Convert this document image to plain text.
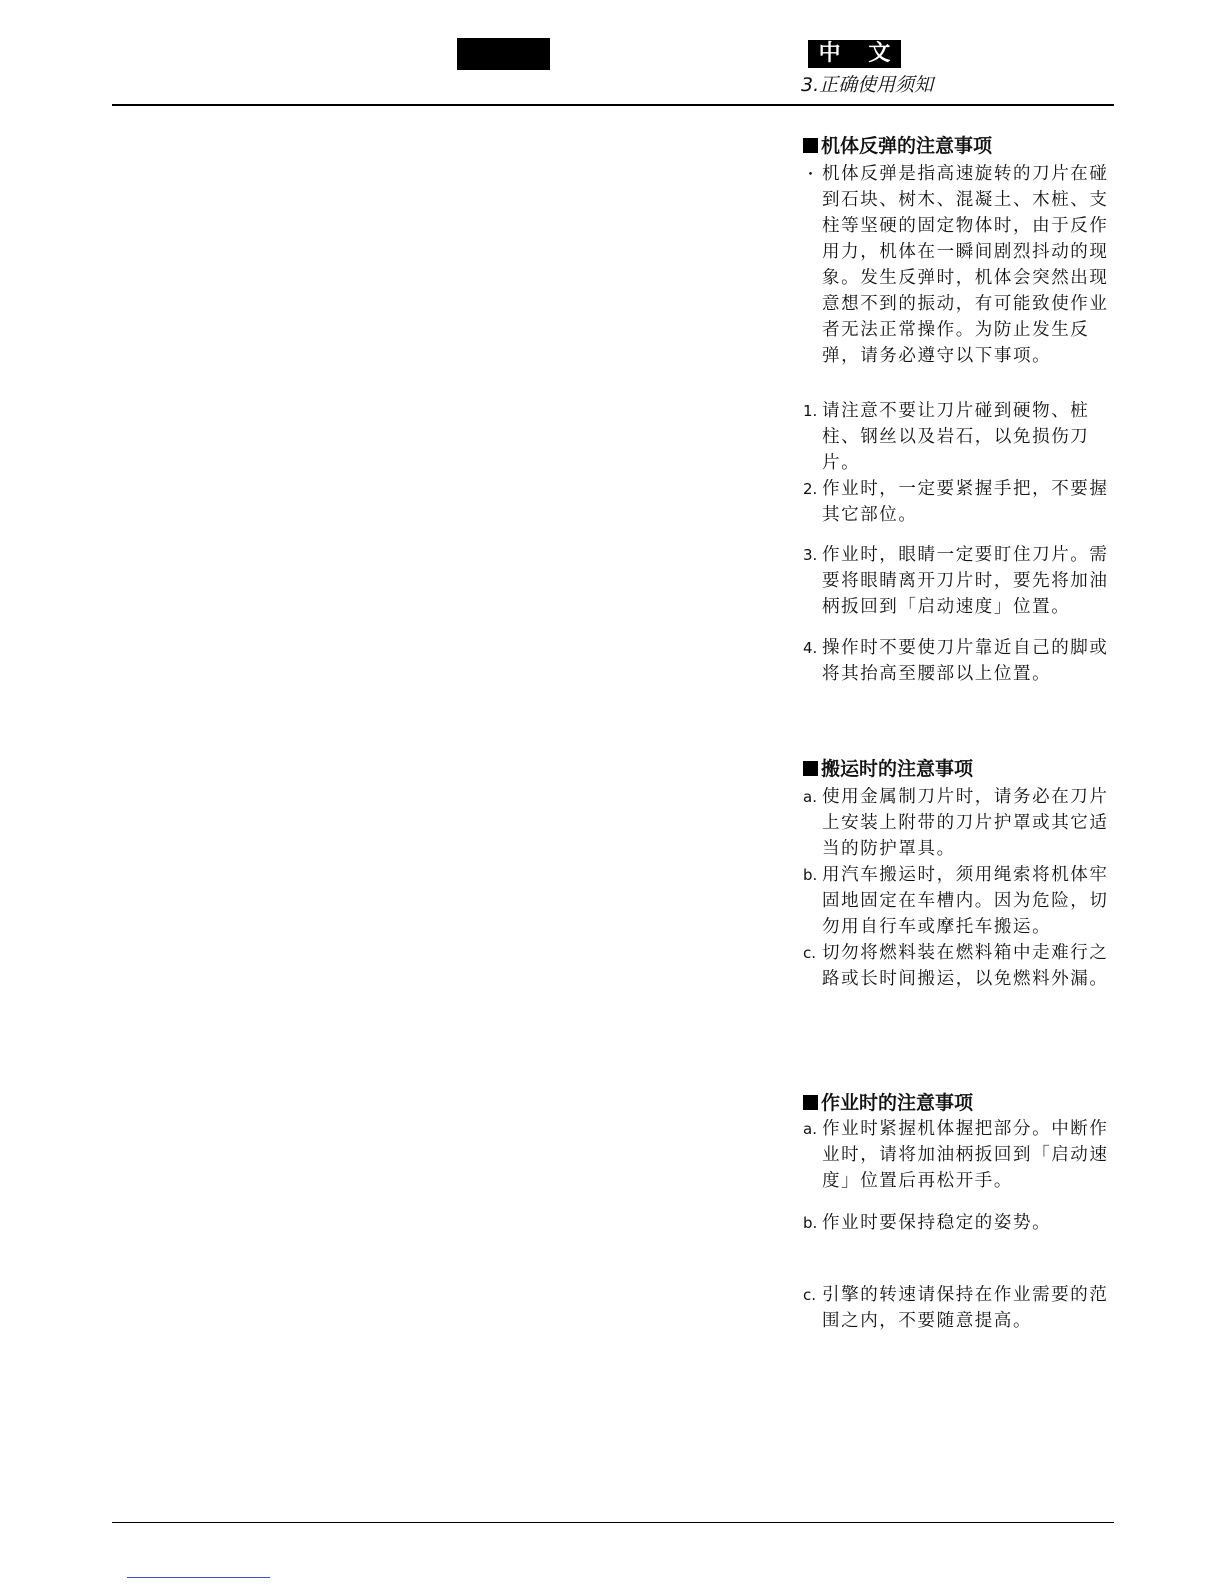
中 文
3.正确使用须知
机体反弹的注意事项
・ 机体反弹是指高速旋转的刀片在碰到石块、树木、混凝土、木桩、支柱等坚硬的固定物体时，由于反作用力，机体在一瞬间剧烈抖动的现象。发生反弹时，机体会突然出现意想不到的振动，有可能致使作业者无法正常操作。为防止发生反弹，请务必遵守以下事项。
1. 请注意不要让刀片碰到硬物、桩柱、钢丝以及岩石，以免损伤刀片。
2. 作业时，一定要紧握手把，不要握其它部位。
3. 作业时，眼睛一定要盯住刀片。需要将眼睛离开刀片时，要先将加油柄扳回到「启动速度」位置。
4. 操作时不要使刀片靠近自己的脚或将其抬高至腰部以上位置。
搬运时的注意事项
a. 使用金属制刀片时，请务必在刀片上安装上附带的刀片护罩或其它适当的防护罩具。
b. 用汽车搬运时，须用绳索将机体牢固地固定在车槽内。因为危险，切勿用自行车或摩托车搬运。
c. 切勿将燃料装在燃料箱中走难行之路或长时间搬运，以免燃料外漏。
作业时的注意事项
a. 作业时紧握机体握把部分。中断作业时，请将加油柄扳回到「启动速度」位置后再松开手。
b. 作业时要保持稳定的姿势。
c. 引擎的转速请保持在作业需要的范围之内，不要随意提高。
